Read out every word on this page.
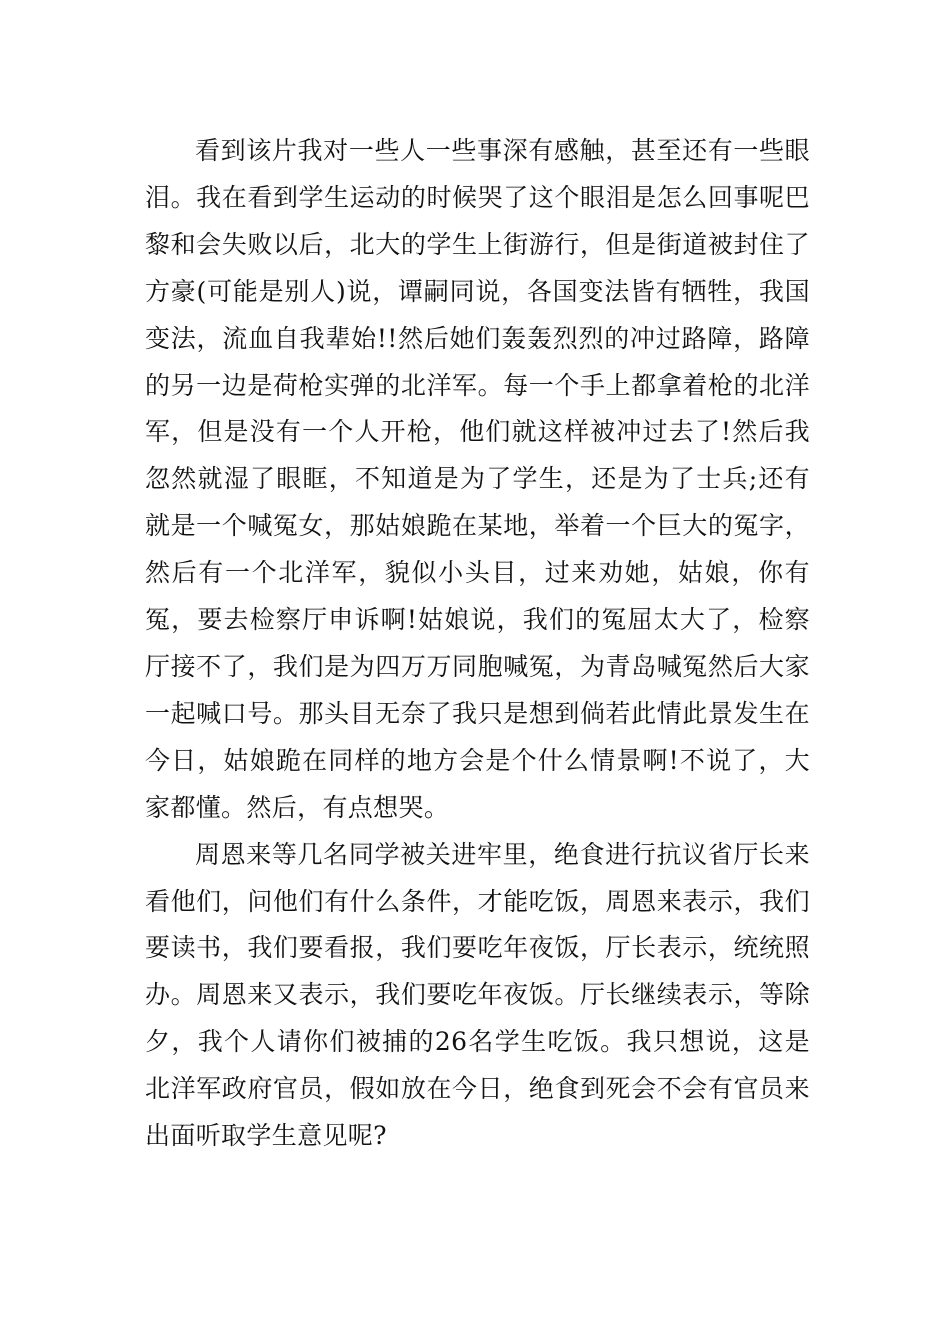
看到该片我对一些人一些事深有感触，甚至还有一些眼泪。我在看到学生运动的时候哭了这个眼泪是怎么回事呢巴黎和会失败以后，北大的学生上街游行，但是街道被封住了方豪(可能是别人)说，谭嗣同说，各国变法皆有牺牲，我国变法，流血自我辈始!!然后她们轰轰烈烈的冲过路障，路障的另一边是荷枪实弹的北洋军。每一个手上都拿着枪的北洋军，但是没有一个人开枪，他们就这样被冲过去了!然后我忽然就湿了眼眶，不知道是为了学生，还是为了士兵;还有就是一个喊冤女，那姑娘跪在某地，举着一个巨大的冤字，然后有一个北洋军，貌似小头目，过来劝她，姑娘，你有冤，要去检察厅申诉啊!姑娘说，我们的冤屈太大了，检察厅接不了，我们是为四万万同胞喊冤，为青岛喊冤然后大家一起喊口号。那头目无奈了我只是想到倘若此情此景发生在今日，姑娘跪在同样的地方会是个什么情景啊!不说了，大家都懂。然后，有点想哭。

周恩来等几名同学被关进牢里，绝食进行抗议省厅长来看他们，问他们有什么条件，才能吃饭，周恩来表示，我们要读书，我们要看报，我们要吃年夜饭，厅长表示，统统照办。周恩来又表示，我们要吃年夜饭。厅长继续表示，等除夕，我个人请你们被捕的26名学生吃饭。我只想说，这是北洋军政府官员，假如放在今日，绝食到死会不会有官员来出面听取学生意见呢?
